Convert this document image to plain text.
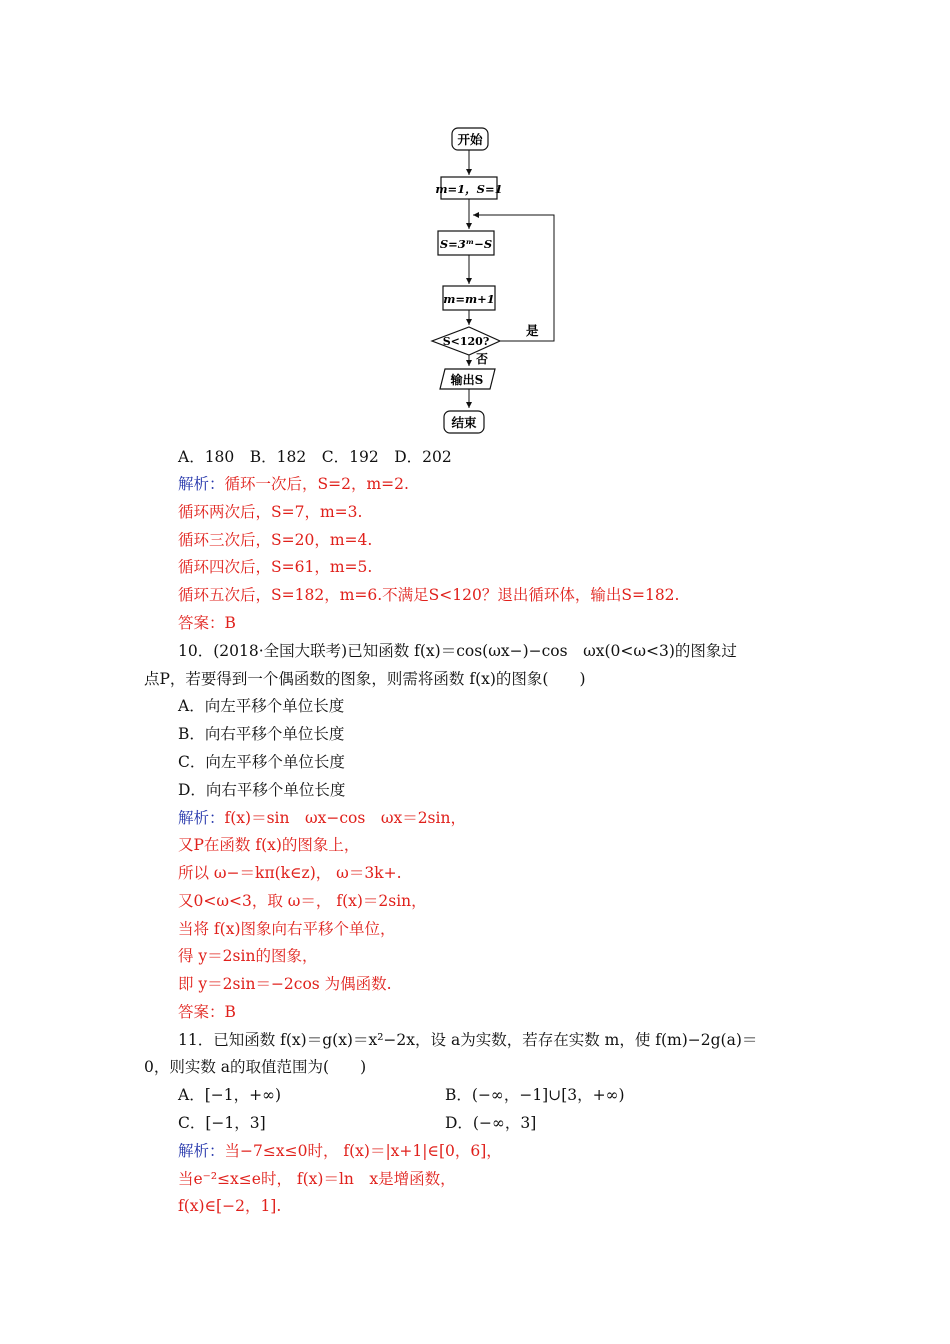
开始
m=1，S=1
S=3ᵐ−S
m=m+1
S<120?
是
否
输出S
结束
A．180　B．182　C．192　D．202
解析：循环一次后，S=2，m=2.
循环两次后，S=7，m=3.
循环三次后，S=20，m=4.
循环四次后，S=61，m=5.
循环五次后，S=182，m=6.不满足S<120？退出循环体，输出S=182.
答案：B
10．(2018·全国大联考)已知函数 f(x)＝cos(ωx−)−cos　ωx(0<ω<3)的图象过
点P，若要得到一个偶函数的图象，则需将函数 f(x)的图象(　　)
A．向左平移个单位长度
B．向右平移个单位长度
C．向左平移个单位长度
D．向右平移个单位长度
解析：f(x)＝sin　ωx−cos　ωx＝2sin，
又P在函数 f(x)的图象上，
所以 ω−＝kπ(k∈z)， ω＝3k+.
又0<ω<3，取 ω＝， f(x)＝2sin，
当将 f(x)图象向右平移个单位，
得 y＝2sin的图象，
即 y＝2sin＝−2cos 为偶函数.
答案：B
11．已知函数 f(x)＝g(x)＝x²−2x，设 a为实数，若存在实数 m，使 f(m)−2g(a)＝
0，则实数 a的取值范围为(　　)
A．[−1，+∞)	B．(−∞，−1]∪[3，+∞)
C．[−1，3]	D．(−∞，3]
解析：当−7≤x≤0时， f(x)＝|x+1|∈[0，6]，
当e⁻²≤x≤e时， f(x)＝ln　x是增函数，
f(x)∈[−2，1].
